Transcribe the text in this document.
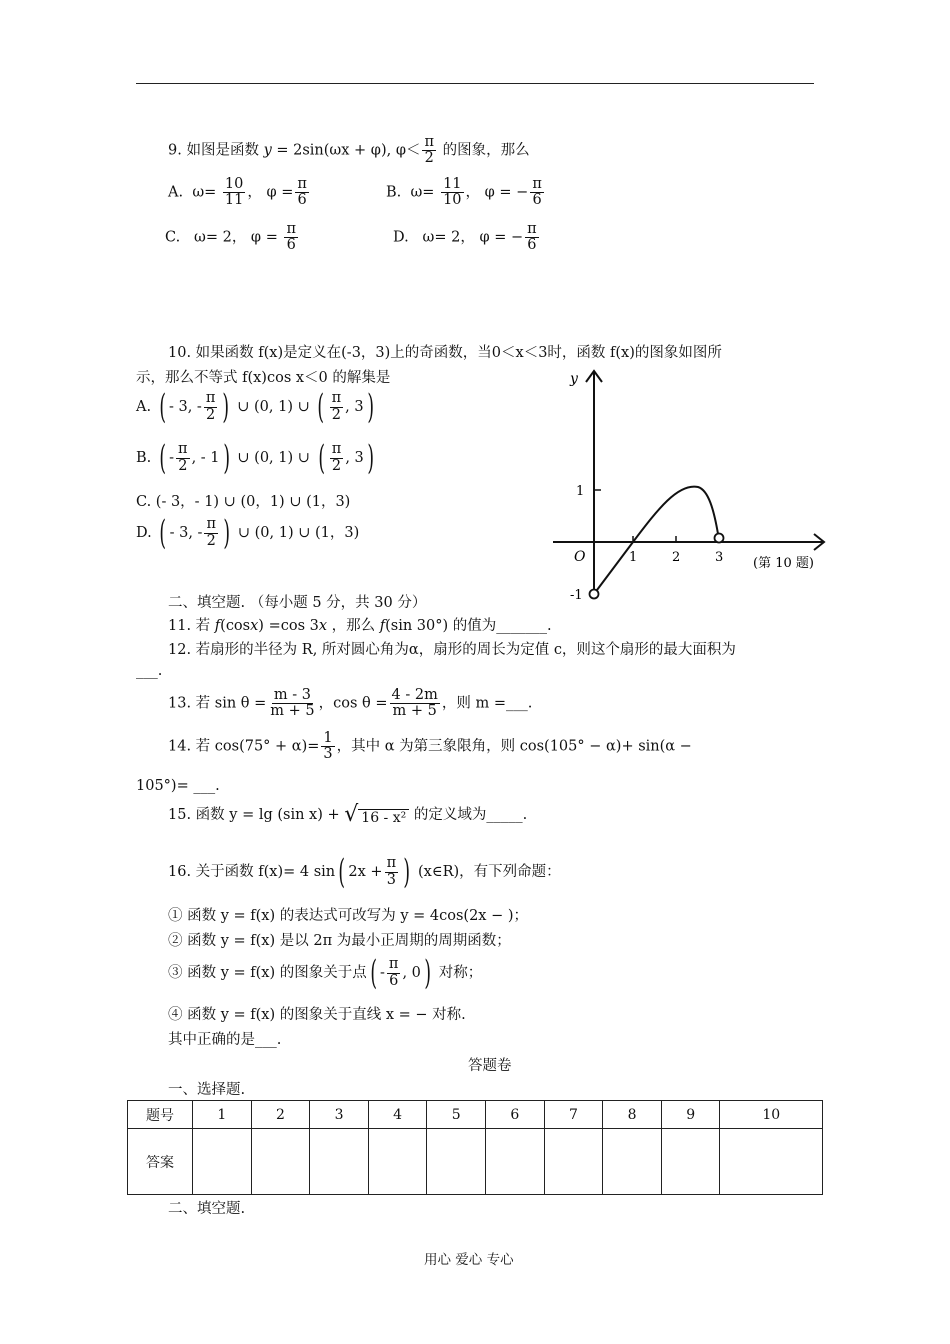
9. 如图是函数 y = 2sin(ωx + φ), $\varphi< \frac{\pi}{2}$ 的图象，那么
A. $\omega= \frac{10}{11}$ ， $\varphi = \frac{\pi}{6}$	B. $\omega= \frac{11}{10}$ ， φ = − $\frac{\pi}{6}$
C. ω= 2， $\varphi = \frac{\pi}{6}$	D. ω= 2， φ = − $\frac{\pi}{6}$
10. 如果函数 f(x)是定义在(-3，3)上的奇函数，当0＜x＜3时，函数 f(x)的图象如图所
示，那么不等式 f(x)cos x＜0 的解集是
A. ( - 3, - $\frac{\pi}{2}$ ) ∪ (0, 1) ∪ ( $\frac{\pi}{2}$ , 3 )
B. ( - $\frac{\pi}{2}$ , - 1 ) ∪ (0, 1) ∪ ( $\frac{\pi}{2}$ , 3 )
C. (- 3，- 1) ∪ (0，1) ∪ (1，3)
D. ( - 3, - $\frac{\pi}{2}$ ) ∪ (0, 1) ∪ (1，3)
y
O	1	2	3
1
-1
(第 10 题)
二、填空题. （每小题 5 分，共 30 分）
11. 若 f(cosx) =cos 3x ，那么 f(sin 30°) 的值为_______.
12. 若扇形的半径为 R, 所对圆心角为α，扇形的周长为定值 c，则这个扇形的最大面积为
___.
13. 若 $\sin \theta = \frac{m - 3}{m + 5}$ ，$\cos \theta = \frac{4 - 2m}{m + 5}$ ，则 m =___.
14. 若 $\cos(75^\circ + \alpha)= \frac{1}{3}$ ，其中 α 为第三象限角，则 cos(105° − α)+ sin(α −
105°)= ___.
15. 函数 y = lg (sin x) + √ 16 - x² 的定义域为_____.
16. 关于函数 f(x)= 4 sin ( $2x + \frac{\pi}{3}$ ) (x∈R)，有下列命题：
① 函数 y = f(x) 的表达式可改写为 y = 4cos(2x − )；
② 函数 y = f(x) 是以 2π 为最小正周期的周期函数；
③ 函数 y = f(x) 的图象关于点 ( - $\frac{\pi}{6}$ , 0 ) 对称；
④ 函数 y = f(x) 的图象关于直线 x = − 对称.
其中正确的是___.
答题卷
一、选择题.
题号	1	2	3	4	5	6	7	8	9	10
答案										
二、填空题.
用心 爱心 专心
